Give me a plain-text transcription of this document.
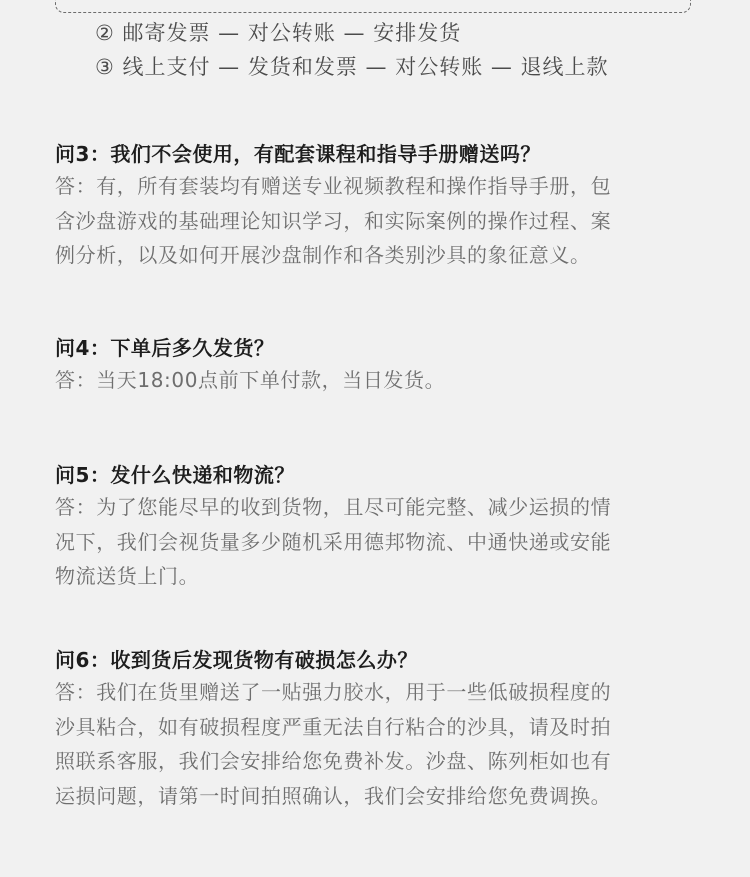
② 邮寄发票 — 对公转账 — 安排发货
③ 线上支付 — 发货和发票 — 对公转账 — 退线上款
问3：我们不会使用，有配套课程和指导手册赠送吗？
答：有，所有套装均有赠送专业视频教程和操作指导手册，包
含沙盘游戏的基础理论知识学习，和实际案例的操作过程、案
例分析，以及如何开展沙盘制作和各类别沙具的象征意义。
问4：下单后多久发货？
答：当天18:00点前下单付款，当日发货。
问5：发什么快递和物流？
答：为了您能尽早的收到货物，且尽可能完整、减少运损的情
况下，我们会视货量多少随机采用德邦物流、中通快递或安能
物流送货上门。
问6：收到货后发现货物有破损怎么办？
答：我们在货里赠送了一贴强力胶水，用于一些低破损程度的
沙具粘合，如有破损程度严重无法自行粘合的沙具，请及时拍
照联系客服，我们会安排给您免费补发。沙盘、陈列柜如也有
运损问题，请第一时间拍照确认，我们会安排给您免费调换。
